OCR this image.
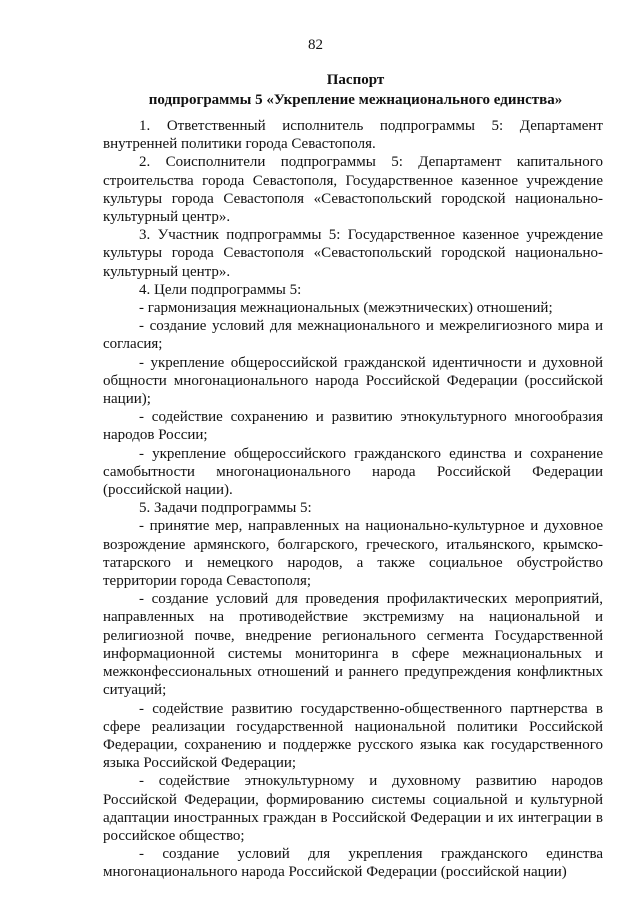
82
Паспорт
подпрограммы 5 «Укрепление межнационального единства»

1. Ответственный исполнитель подпрограммы 5: Департамент внутренней политики города Севастополя.

2. Соисполнители подпрограммы 5: Департамент капитального строительства города Севастополя, Государственное казенное учреждение культуры города Севастополя «Севастопольский городской национально-культурный центр».

3. Участник подпрограммы 5: Государственное казенное учреждение культуры города Севастополя «Севастопольский городской национально-культурный центр».

4. Цели подпрограммы 5:

- гармонизация межнациональных (межэтнических) отношений;

- создание условий для межнационального и межрелигиозного мира и согласия;

- укрепление общероссийской гражданской идентичности и духовной общности многонационального народа Российской Федерации (российской нации);

- содействие сохранению и развитию этнокультурного многообразия народов России;

- укрепление общероссийского гражданского единства и сохранение самобытности многонационального народа Российской Федерации (российской нации).

5. Задачи подпрограммы 5:

- принятие мер, направленных на национально-культурное и духовное возрождение армянского, болгарского, греческого, итальянского, крымско-татарского и немецкого народов, а также социальное обустройство территории города Севастополя;

- создание условий для проведения профилактических мероприятий, направленных на противодействие экстремизму на национальной и религиозной почве, внедрение регионального сегмента Государственной информационной системы мониторинга в сфере межнациональных и межконфессиональных отношений и раннего предупреждения конфликтных ситуаций;

- содействие развитию государственно-общественного партнерства в сфере реализации государственной национальной политики Российской Федерации, сохранению и поддержке русского языка как государственного языка Российской Федерации;

- содействие этнокультурному и духовному развитию народов Российской Федерации, формированию системы социальной и культурной адаптации иностранных граждан в Российской Федерации и их интеграции в российское общество;

- создание условий для укрепления гражданского единства многонационального народа Российской Федерации (российской нации)
